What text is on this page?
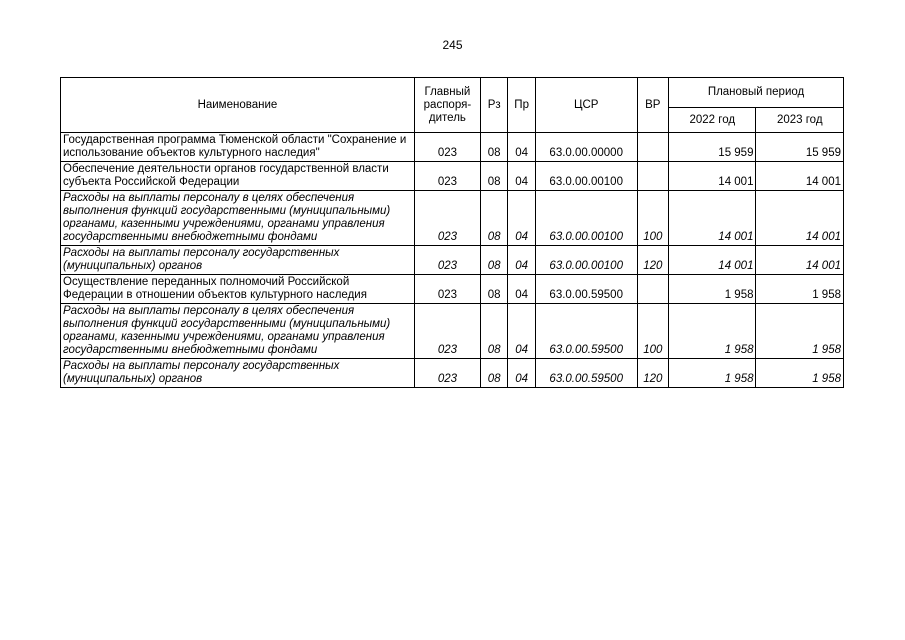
245
Наименование	Главный распоря-дитель	Рз	Пр	ЦСР	ВР	Плановый период	
						2022 год	2023 год
Государственная программа Тюменской области "Сохранение и использование объектов культурного наследия"	023	08	04	63.0.00.00000		15 959	15 959
Обеспечение деятельности органов государственной власти субъекта Российской Федерации	023	08	04	63.0.00.00100		14 001	14 001
Расходы на выплаты персоналу в целях обеспечения выполнения функций государственными (муниципальными) органами, казенными учреждениями, органами управления государственными внебюджетными фондами	023	08	04	63.0.00.00100	100	14 001	14 001
Расходы на выплаты персоналу государственных (муниципальных) органов	023	08	04	63.0.00.00100	120	14 001	14 001
Осуществление переданных полномочий Российской Федерации в отношении объектов культурного наследия	023	08	04	63.0.00.59500		1 958	1 958
Расходы на выплаты персоналу в целях обеспечения выполнения функций государственными (муниципальными) органами, казенными учреждениями, органами управления государственными внебюджетными фондами	023	08	04	63.0.00.59500	100	1 958	1 958
Расходы на выплаты персоналу государственных (муниципальных) органов	023	08	04	63.0.00.59500	120	1 958	1 958
